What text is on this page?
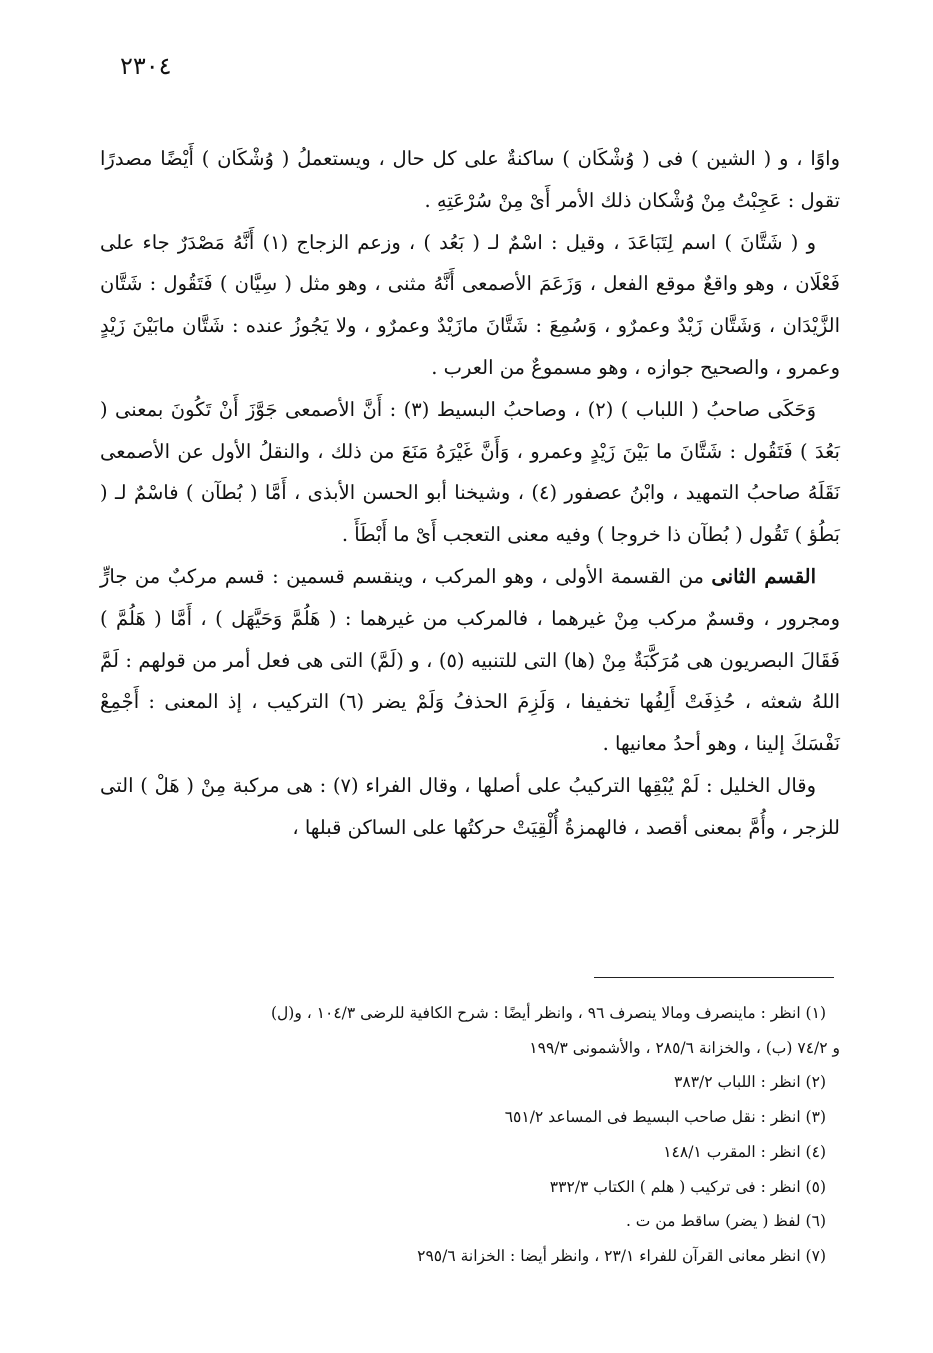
٢٣٠٤

واوًا ، و ( الشين ) فى ( وُشْكَان ) ساكنةٌ على كل حال ، ويستعملُ ( وُشْكَان ) أَيْضًا مصدرًا تقول : عَجِبْتُ مِنْ وُشْكان ذلك الأمر أَىْ مِنْ سُرْعَتِهِ .

و ( شَتَّانَ ) اسم لِتَبَاعَدَ ، وقيل : اسْمٌ لـ ( بَعُد ) ، وزعم الزجاج (١) أَنَّهُ مَصْدَرٌ جاء على فَعْلَان ، وهو واقعٌ موقع الفعل ، وَزَعَمَ الأصمعى أَنَّهُ مثنى ، وهو مثل ( سِيَّان ) فَتَقُول : شَتَّان الزَّيْدَان ، وَشَتَّان زَيْدٌ وعمرٌو ، وَسُمِعَ : شَتَّانَ مازَيْدٌ وعمرٌو ، ولا يَجُوزُ عنده : شَتَّان مابَيْنَ زَيْدٍ وعمرو ، والصحيح جوازه ، وهو مسموعٌ من العرب .

وَحَكَى صاحبُ ( اللباب ) (٢) ، وصاحبُ البسيط (٣) : أَنَّ الأصمعى جَوَّزَ أَنْ تَكُونَ بمعنى ( بَعُدَ ) فَتَقُول : شَتَّانَ ما بَيْنَ زَيْدٍ وعمرو ، وَأَنَّ غَيْرَهُ مَنَعَ من ذلك ، والنقلُ الأول عن الأصمعى نَقَلَهُ صاحبُ التمهيد ، وابْنُ عصفور (٤) ، وشيخنا أبو الحسن الأبذى ، أَمَّا ( بُطآن ) فاسْمٌ لـ ( بَطُؤ ) تَقُول ( بُطآن ذا خروجا ) وفيه معنى التعجب أَىْ ما أَبْطَأَ .

القسم الثانى من القسمة الأولى ، وهو المركب ، وينقسم قسمين : قسم مركبٌ من جارٍّ ومجرور ، وقسمٌ مركب مِنْ غيرهما ، فالمركب من غيرهما : ( هَلُمَّ وَحَيَّهَل ) ، أَمَّا ( هَلُمَّ ) فَقَالَ البصريون هى مُرَكَّبَةٌ مِنْ (ها) التى للتنبيه (٥) ، و (لَمَّ) التى هى فعل أمر من قولهم : لَمَّ اللهُ شعثه ، حُذِفَتْ أَلِفُها تخفيفا ، وَلَزِمَ الحذفُ وَلَمْ يضر (٦) التركيب ، إذ المعنى : أَجْمِعْ نَفْسَكَ إلينا ، وهو أحدُ معانيها .

وقال الخليل : لَمْ يُبْقِها التركيبُ على أصلها ، وقال الفراء (٧) : هى مركبة مِنْ ( هَلْ ) التى للزجر ، وأُمَّ بمعنى أقصد ، فالهمزةُ أُلْقِيَتْ حركتُها على الساكن قبلها ،

(١) انظر : ماينصرف ومالا ينصرف ٩٦ ، وانظر أيضًا : شرح الكافية للرضى ١٠٤/٣ ، و(ل)

و ٧٤/٢ (ب) ، والخزانة ٢٨٥/٦ ، والأشمونى ١٩٩/٣

(٢) انظر : اللباب ٣٨٣/٢

(٣) انظر : نقل صاحب البسيط فى المساعد ٦٥١/٢

(٤) انظر : المقرب ١٤٨/١

(٥) انظر : فى تركيب ( هلم ) الكتاب ٣٣٢/٣

(٦) لفظ ( يضر) ساقط من ت .

(٧) انظر معانى القرآن للفراء ٢٣/١ ، وانظر أيضا : الخزانة ٢٩٥/٦
